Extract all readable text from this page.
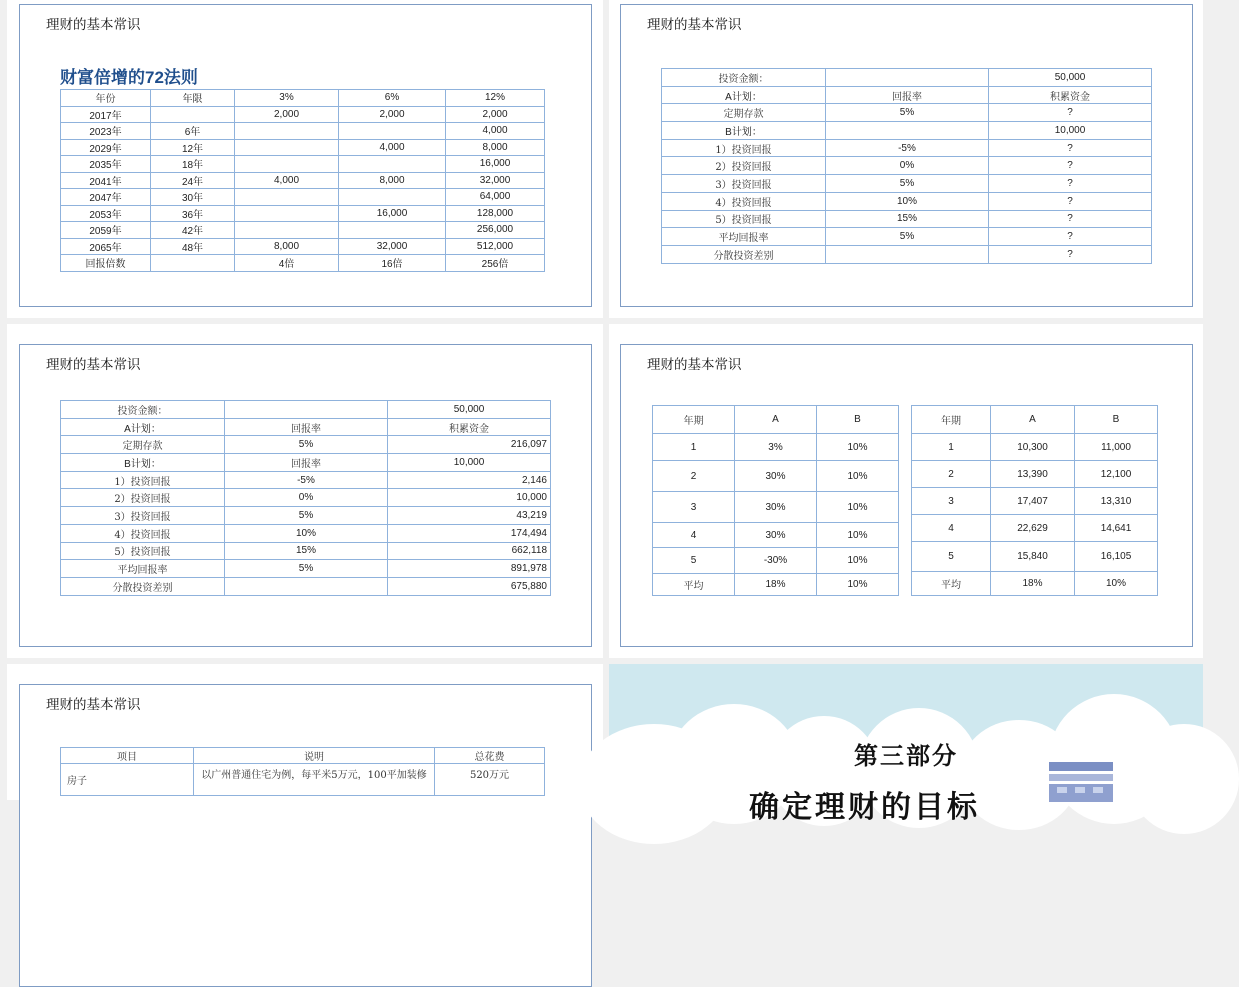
理财的基本常识
财富倍增的72法则
年份	年限	3%	6%	12%
2017年		2,000	2,000	2,000
2023年	6年			4,000
2029年	12年		4,000	8,000
2035年	18年			16,000
2041年	24年	4,000	8,000	32,000
2047年	30年			64,000
2053年	36年		16,000	128,000
2059年	42年			256,000
2065年	48年	8,000	32,000	512,000
回报倍数		4倍	16倍	256倍
理财的基本常识
投资金额：		50,000
A计划：	回报率	积累资金
定期存款	5%	?
B计划：		10,000
1）投资回报	-5%	?
2）投资回报	0%	?
3）投资回报	5%	?
4）投资回报	10%	?
5）投资回报	15%	?
平均回报率	5%	?
分散投资差别		?
理财的基本常识
投资金额：		50,000
A计划：	回报率	积累资金
定期存款	5%	216,097
B计划：	回报率	10,000
1）投资回报	-5%	2,146
2）投资回报	0%	10,000
3）投资回报	5%	43,219
4）投资回报	10%	174,494
5）投资回报	15%	662,118
平均回报率	5%	891,978
分散投资差别		675,880
理财的基本常识
年期	A	B
1	3%	10%
2	30%	10%
3	30%	10%
4	30%	10%
5	-30%	10%
平均	18%	10%
年期	A	B
1	10,300	11,000
2	13,390	12,100
3	17,407	13,310
4	22,629	14,641
5	15,840	16,105
平均	18%	10%
理财的基本常识
项目	说明	总花费
房子	以广州普通住宅为例，每平米5万元，100平加装修	520万元
第三部分
确定理财的目标
